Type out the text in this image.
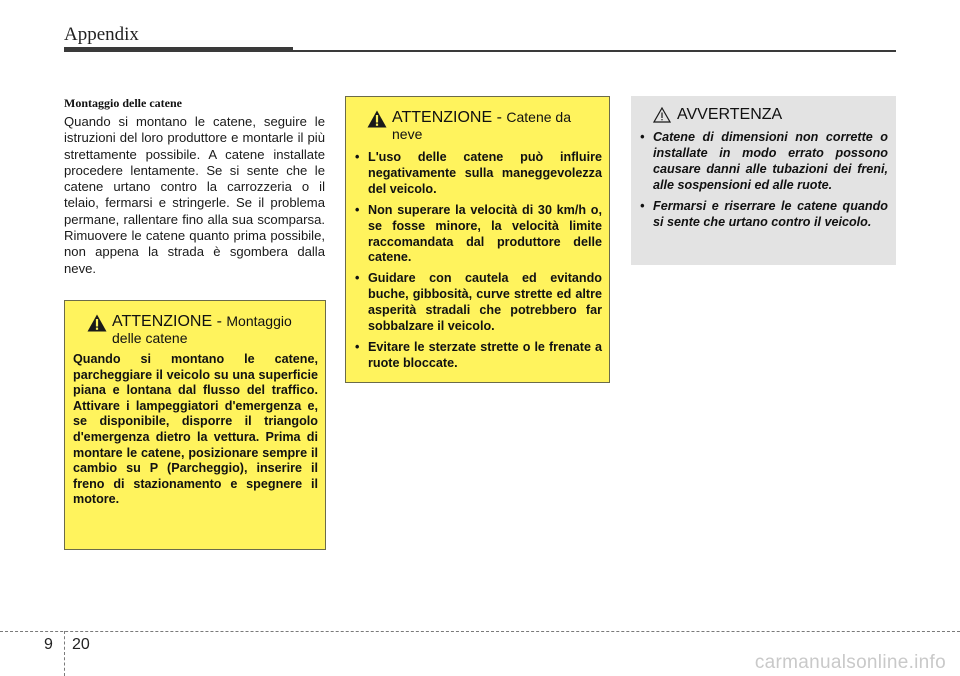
Appendix
Montaggio delle catene

Quando si montano le catene, seguire le istruzioni del loro produttore e montarle il più strettamente possibile. A catene installate procedere lentamente. Se si sente che le catene urtano contro la carrozzeria o il telaio, fermarsi e stringerle. Se il problema permane, rallentare fino alla sua scomparsa. Rimuovere le catene quanto prima possibile, non appena la strada è sgombera dalla neve.

ATTENZIONE - Montaggio delle catene
Quando si montano le catene, parcheggiare il veicolo su una superficie piana e lontana dal flusso del traffico. Attivare i lampeggiatori d'emergenza e, se disponibile, disporre il triangolo d'emergenza dietro la vettura. Prima di montare le catene, posizionare sempre il cambio su P (Parcheggio), inserire il freno di stazionamento e spegnere il motore.
ATTENZIONE - Catene da neve
• L'uso delle catene può influire negativamente sulla maneggevolezza del veicolo.
• Non superare la velocità di 30 km/h o, se fosse minore, la velocità limite raccomandata dal produttore delle catene.
• Guidare con cautela ed evitando buche, gibbosità, curve strette ed altre asperità stradali che potrebbero far sobbalzare il veicolo.
• Evitare le sterzate strette o le frenate a ruote bloccate.
AVVERTENZA
• Catene di dimensioni non corrette o installate in modo errato possono causare danni alle tubazioni dei freni, alle sospensioni ed alle ruote.
• Fermarsi e riserrare le catene quando si sente che urtano contro il veicolo.
9 20
carmanualsonline.info
